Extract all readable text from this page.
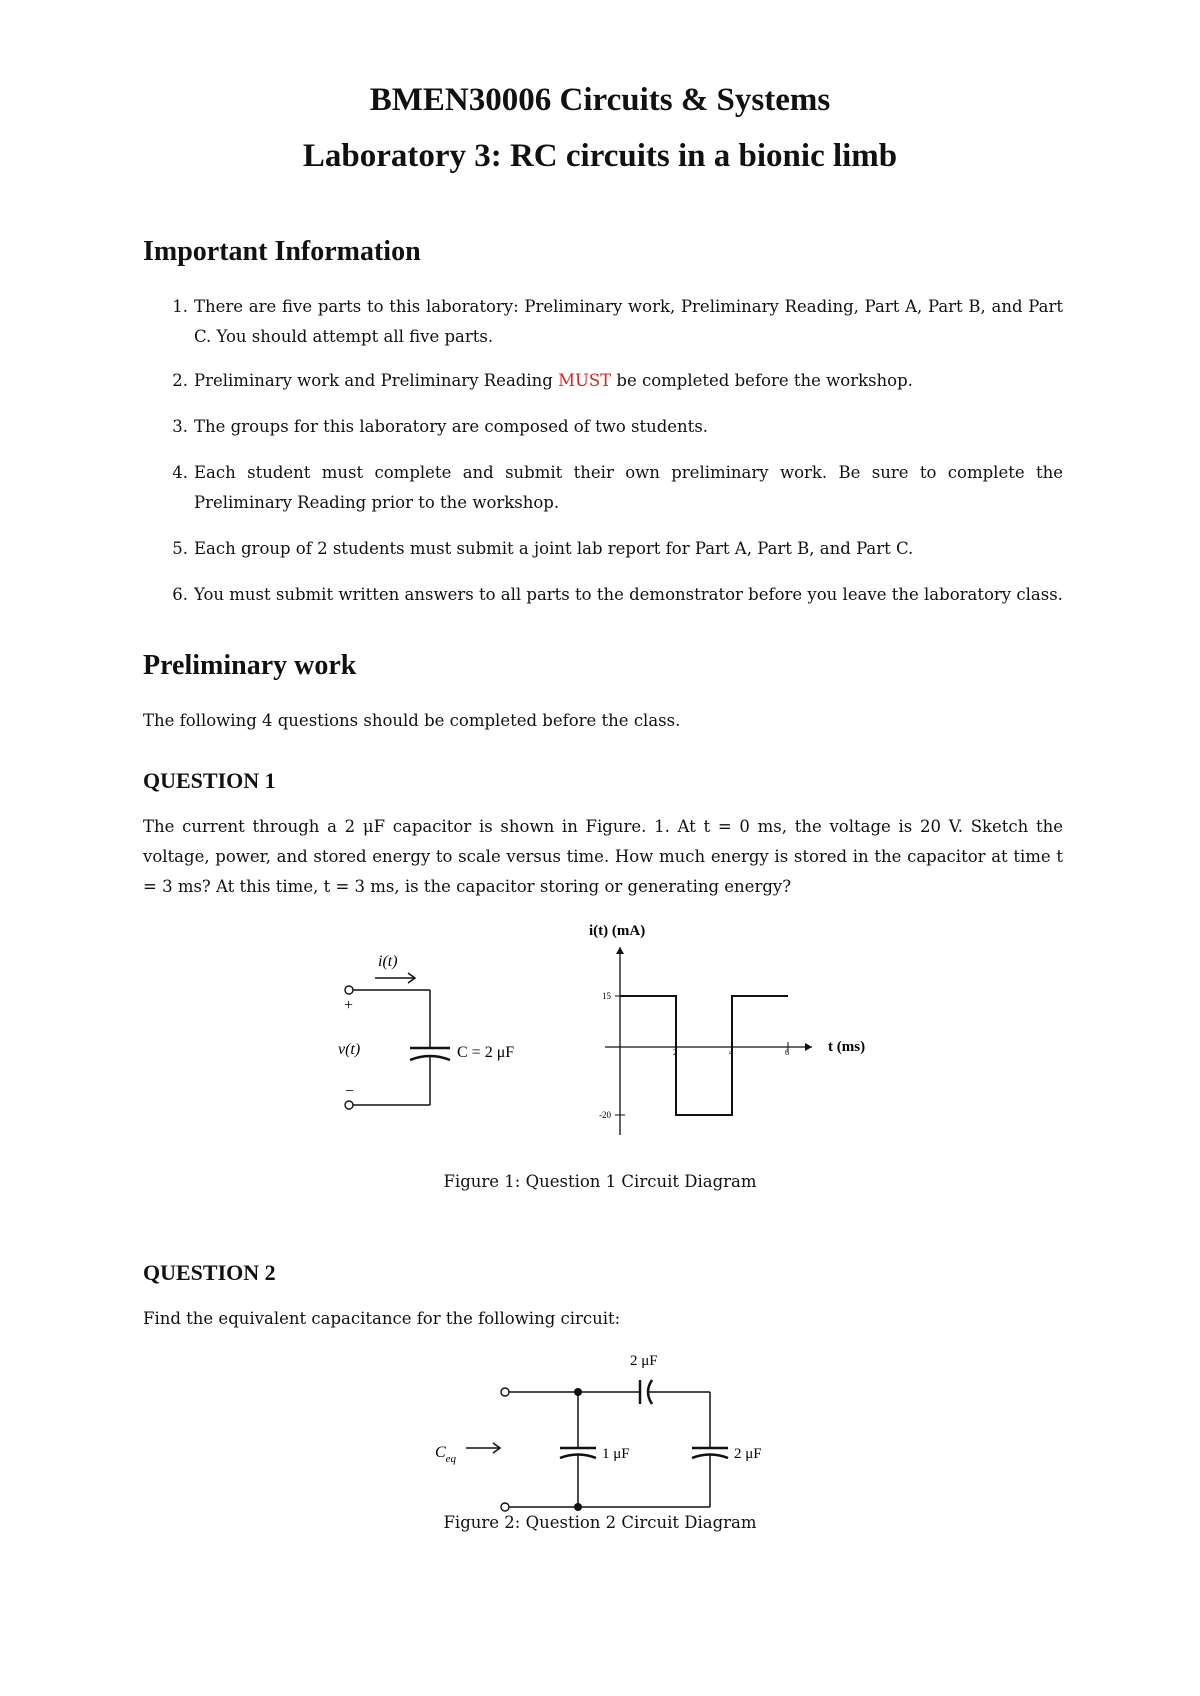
BMEN30006 Circuits & Systems
Laboratory 3: RC circuits in a bionic limb
Important Information
1. There are five parts to this laboratory: Preliminary work, Preliminary Reading, Part A, Part B, and Part C. You should attempt all five parts.
2. Preliminary work and Preliminary Reading MUST be completed before the workshop.
3. The groups for this laboratory are composed of two students.
4. Each student must complete and submit their own preliminary work. Be sure to complete the Preliminary Reading prior to the workshop.
5. Each group of 2 students must submit a joint lab report for Part A, Part B, and Part C.
6. You must submit written answers to all parts to the demonstrator before you leave the laboratory class.
Preliminary work
The following 4 questions should be completed before the class.
QUESTION 1
The current through a 2 μF capacitor is shown in Figure. 1. At t = 0 ms, the voltage is 20 V. Sketch the voltage, power, and stored energy to scale versus time. How much energy is stored in the capacitor at time t = 3 ms? At this time, t = 3 ms, is the capacitor storing or generating energy?
i(t)
+
v(t)
−
C = 2 μF
i(t) (mA)
t (ms)
2	4	6
15
-20
Figure 1: Question 1 Circuit Diagram
QUESTION 2
Find the equivalent capacitance for the following circuit:
2 μF
1 μF	2 μF
$C_{eq}$
Figure 2: Question 2 Circuit Diagram
